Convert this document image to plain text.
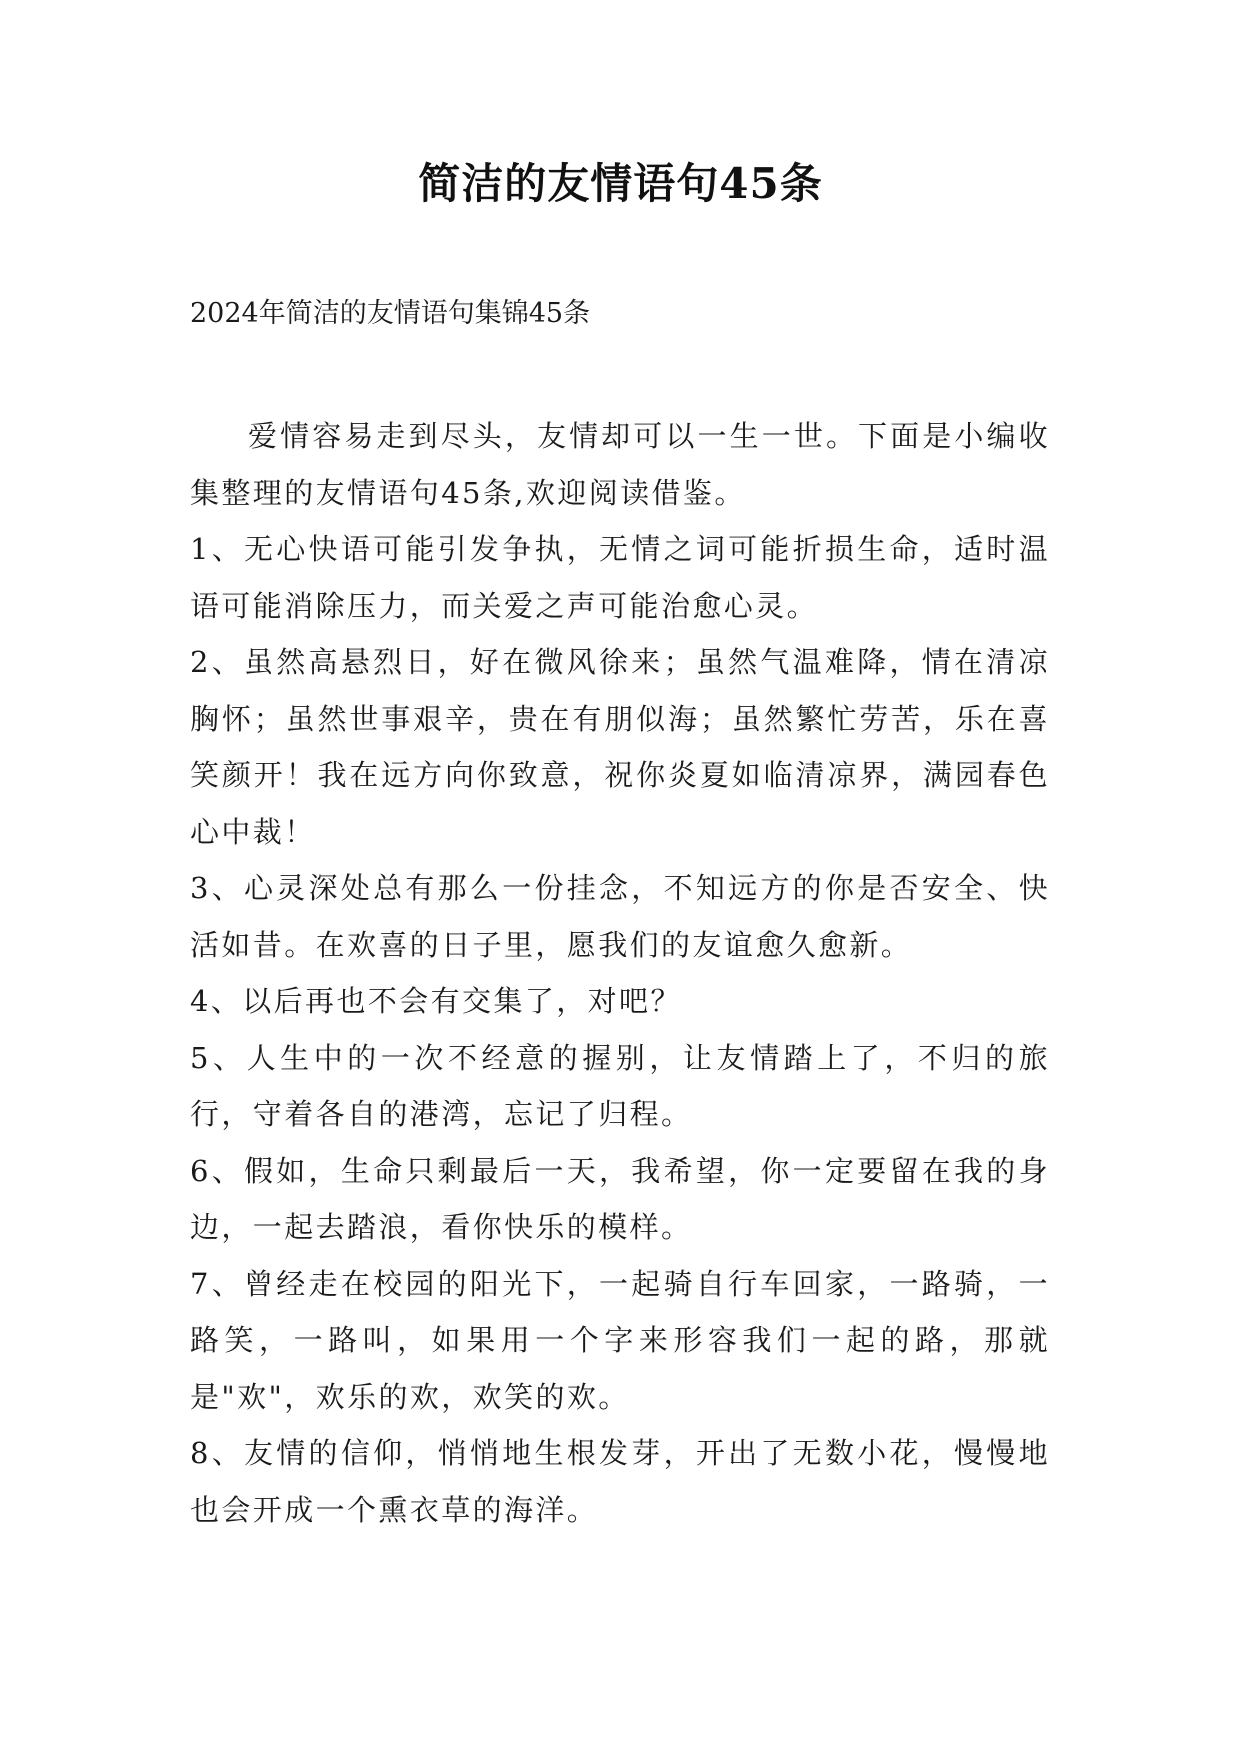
简洁的友情语句45条
2024年简洁的友情语句集锦45条

爱情容易走到尽头，友情却可以一生一世。下面是小编收集整理的友情语句45条,欢迎阅读借鉴。

1、无心快语可能引发争执，无情之词可能折损生命，适时温语可能消除压力，而关爱之声可能治愈心灵。

2、虽然高悬烈日，好在微风徐来；虽然气温难降，情在清凉胸怀；虽然世事艰辛，贵在有朋似海；虽然繁忙劳苦，乐在喜笑颜开！我在远方向你致意，祝你炎夏如临清凉界，满园春色心中裁！

3、心灵深处总有那么一份挂念，不知远方的你是否安全、快活如昔。在欢喜的日子里，愿我们的友谊愈久愈新。

4、以后再也不会有交集了，对吧？

5、人生中的一次不经意的握别，让友情踏上了，不归的旅行，守着各自的港湾，忘记了归程。

6、假如，生命只剩最后一天，我希望，你一定要留在我的身边，一起去踏浪，看你快乐的模样。

7、曾经走在校园的阳光下，一起骑自行车回家，一路骑，一路笑，一路叫，如果用一个字来形容我们一起的路，那就是"欢"，欢乐的欢，欢笑的欢。

8、友情的信仰，悄悄地生根发芽，开出了无数小花，慢慢地也会开成一个熏衣草的海洋。
